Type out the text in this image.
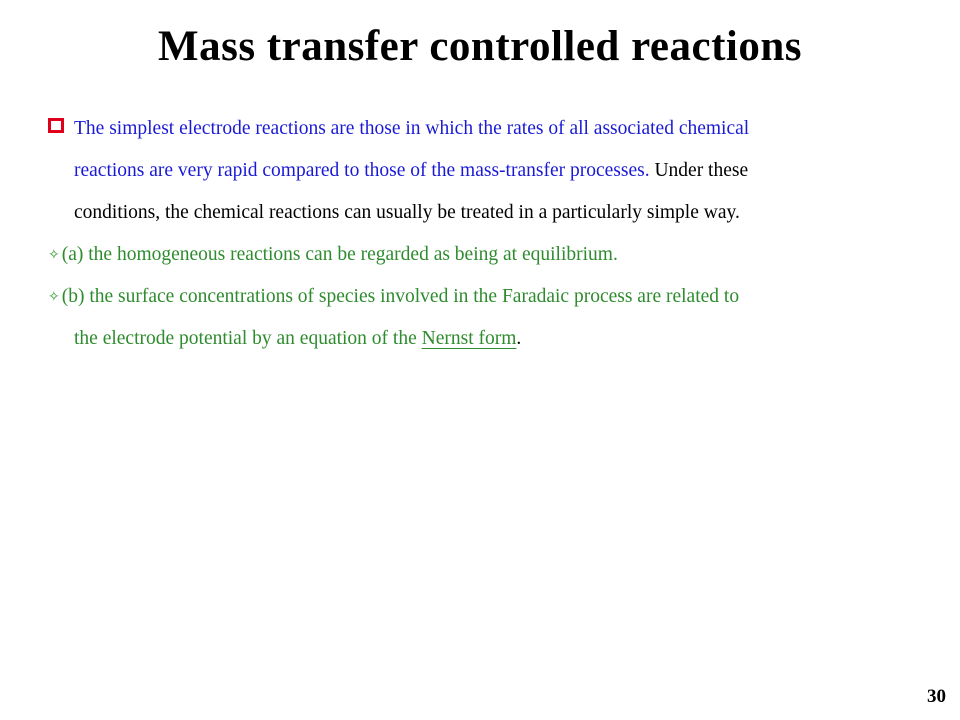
Mass transfer controlled reactions
The simplest electrode reactions are those in which the rates of all associated chemical
reactions are very rapid compared to those of the mass-transfer processes. Under these
conditions, the chemical reactions can usually be treated in a particularly simple way.
✧ (a) the homogeneous reactions can be regarded as being at equilibrium.
✧ (b) the surface concentrations of species involved in the Faradaic process are related to
the electrode potential by an equation of the Nernst form.
30
